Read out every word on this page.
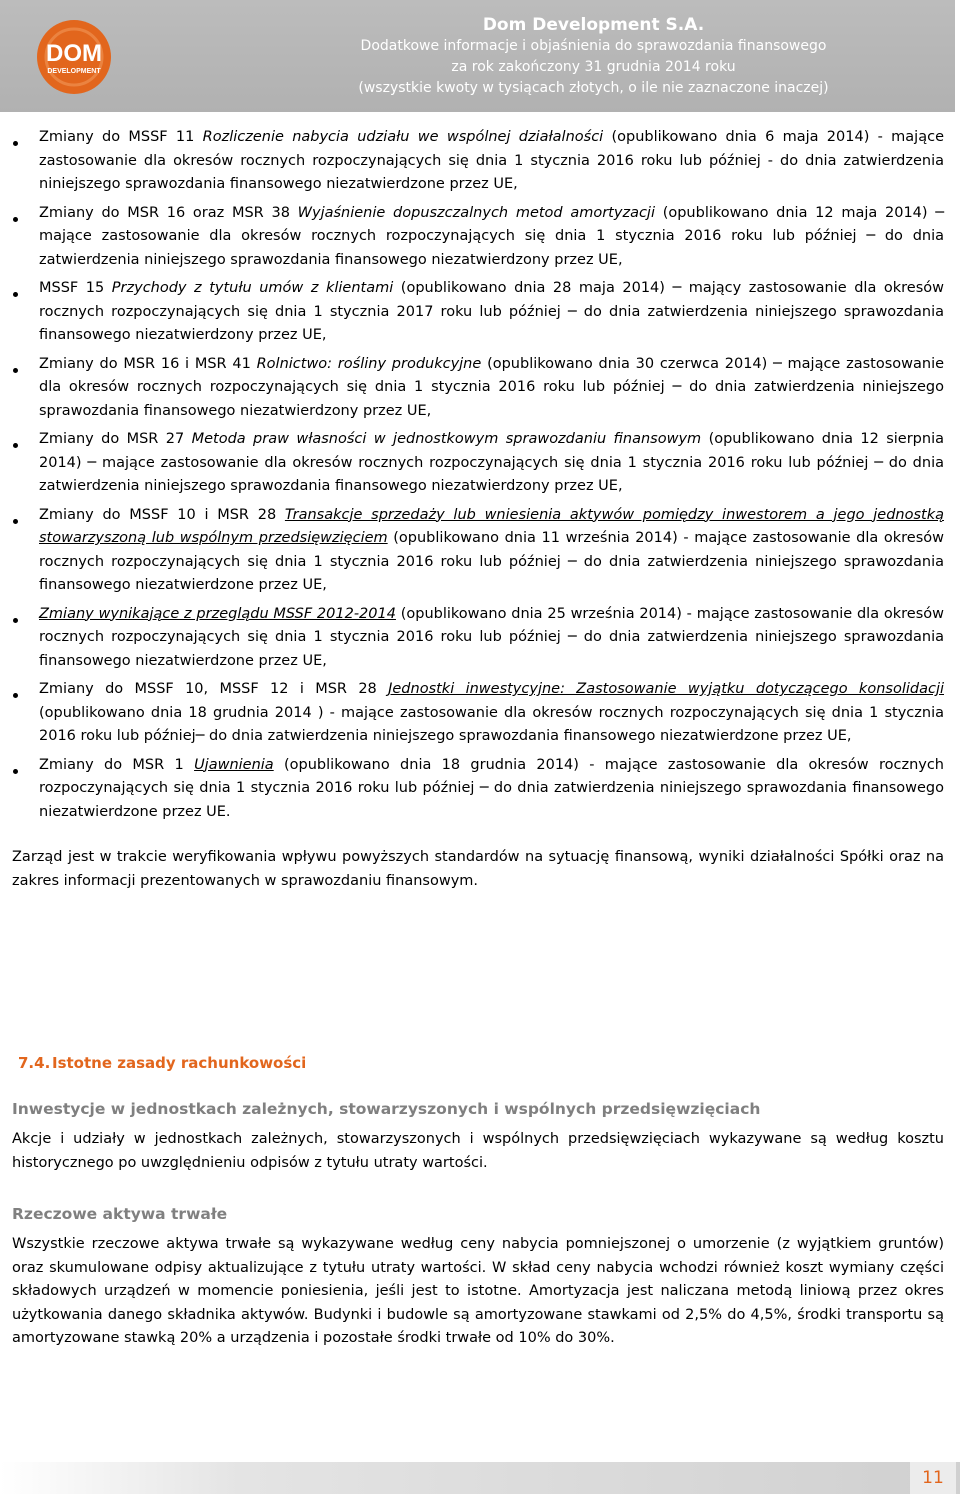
DOM
DEVELOPMENT
Dom Development S.A.
Dodatkowe informacje i objaśnienia do sprawozdania finansowego
za rok zakończony 31 grudnia 2014 roku
(wszystkie kwoty w tysiącach złotych, o ile nie zaznaczone inaczej)
Zmiany do MSSF 11 Rozliczenie nabycia udziału we wspólnej działalności (opublikowano dnia 6 maja 2014) - mające zastosowanie dla okresów rocznych rozpoczynających się dnia 1 stycznia 2016 roku lub później - do dnia zatwierdzenia niniejszego sprawozdania finansowego niezatwierdzone przez UE,
Zmiany do MSR 16 oraz MSR 38 Wyjaśnienie dopuszczalnych metod amortyzacji (opublikowano dnia 12 maja 2014) ─ mające zastosowanie dla okresów rocznych rozpoczynających się dnia 1 stycznia 2016 roku lub później ─ do dnia zatwierdzenia niniejszego sprawozdania finansowego niezatwierdzony przez UE,
MSSF 15 Przychody z tytułu umów z klientami (opublikowano dnia 28 maja 2014) ─ mający zastosowanie dla okresów rocznych rozpoczynających się dnia 1 stycznia 2017 roku lub później ─ do dnia zatwierdzenia niniejszego sprawozdania finansowego niezatwierdzony przez UE,
Zmiany do MSR 16 i MSR 41 Rolnictwo: rośliny produkcyjne (opublikowano dnia 30 czerwca 2014) ─ mające zastosowanie dla okresów rocznych rozpoczynających się dnia 1 stycznia 2016 roku lub później ─ do dnia zatwierdzenia niniejszego sprawozdania finansowego niezatwierdzony przez UE,
Zmiany do MSR 27 Metoda praw własności w jednostkowym sprawozdaniu finansowym (opublikowano dnia 12 sierpnia 2014) ─ mające zastosowanie dla okresów rocznych rozpoczynających się dnia 1 stycznia 2016 roku lub później ─ do dnia zatwierdzenia niniejszego sprawozdania finansowego niezatwierdzony przez UE,
Zmiany do MSSF 10 i MSR 28 Transakcje sprzedaży lub wniesienia aktywów pomiędzy inwestorem a jego jednostką stowarzyszoną lub wspólnym przedsięwzięciem (opublikowano dnia 11 września 2014) - mające zastosowanie dla okresów rocznych rozpoczynających się dnia 1 stycznia 2016 roku lub później ─ do dnia zatwierdzenia niniejszego sprawozdania finansowego niezatwierdzone przez UE,
Zmiany wynikające z przeglądu MSSF 2012-2014 (opublikowano dnia 25 września 2014) - mające zastosowanie dla okresów rocznych rozpoczynających się dnia 1 stycznia 2016 roku lub później ─ do dnia zatwierdzenia niniejszego sprawozdania finansowego niezatwierdzone przez UE,
Zmiany do MSSF 10, MSSF 12 i MSR 28 Jednostki inwestycyjne: Zastosowanie wyjątku dotyczącego konsolidacji (opublikowano dnia 18 grudnia 2014 ) - mające zastosowanie dla okresów rocznych rozpoczynających się dnia 1 stycznia 2016 roku lub później─ do dnia zatwierdzenia niniejszego sprawozdania finansowego niezatwierdzone przez UE,
Zmiany do MSR 1 Ujawnienia (opublikowano dnia 18 grudnia 2014) - mające zastosowanie dla okresów rocznych rozpoczynających się dnia 1 stycznia 2016 roku lub później ─ do dnia zatwierdzenia niniejszego sprawozdania finansowego niezatwierdzone przez UE.

Zarząd jest w trakcie weryfikowania wpływu powyższych standardów na sytuację finansową, wyniki działalności Spółki oraz na zakres informacji prezentowanych w sprawozdaniu finansowym.

7.4. Istotne zasady rachunkowości

Inwestycje w jednostkach zależnych, stowarzyszonych i wspólnych przedsięwzięciach

Akcje i udziały w jednostkach zależnych, stowarzyszonych i wspólnych przedsięwzięciach wykazywane są według kosztu historycznego po uwzględnieniu odpisów z tytułu utraty wartości.

Rzeczowe aktywa trwałe

Wszystkie rzeczowe aktywa trwałe są wykazywane według ceny nabycia pomniejszonej o umorzenie (z wyjątkiem gruntów) oraz skumulowane odpisy aktualizujące z tytułu utraty wartości. W skład ceny nabycia wchodzi również koszt wymiany części składowych urządzeń w momencie poniesienia, jeśli jest to istotne. Amortyzacja jest naliczana metodą liniową przez okres użytkowania danego składnika aktywów. Budynki i budowle są amortyzowane stawkami od 2,5% do 4,5%, środki transportu są amortyzowane stawką 20% a urządzenia i pozostałe środki trwałe od 10% do 30%.

11
